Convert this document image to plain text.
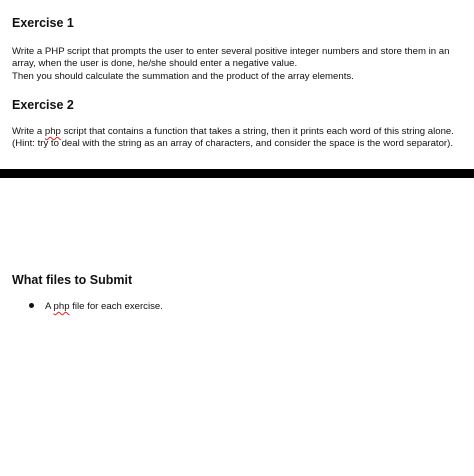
Exercise 1

Write a PHP script that prompts the user to enter several positive integer numbers and store them in an
array, when the user is done, he/she should enter a negative value.
Then you should calculate the summation and the product of the array elements.

Exercise 2

Write a php script that contains a function that takes a string, then it prints each word of this string alone.
(Hint: try to deal with the string as an array of characters, and consider the space is the word separator).

What files to Submit
A php file for each exercise.
